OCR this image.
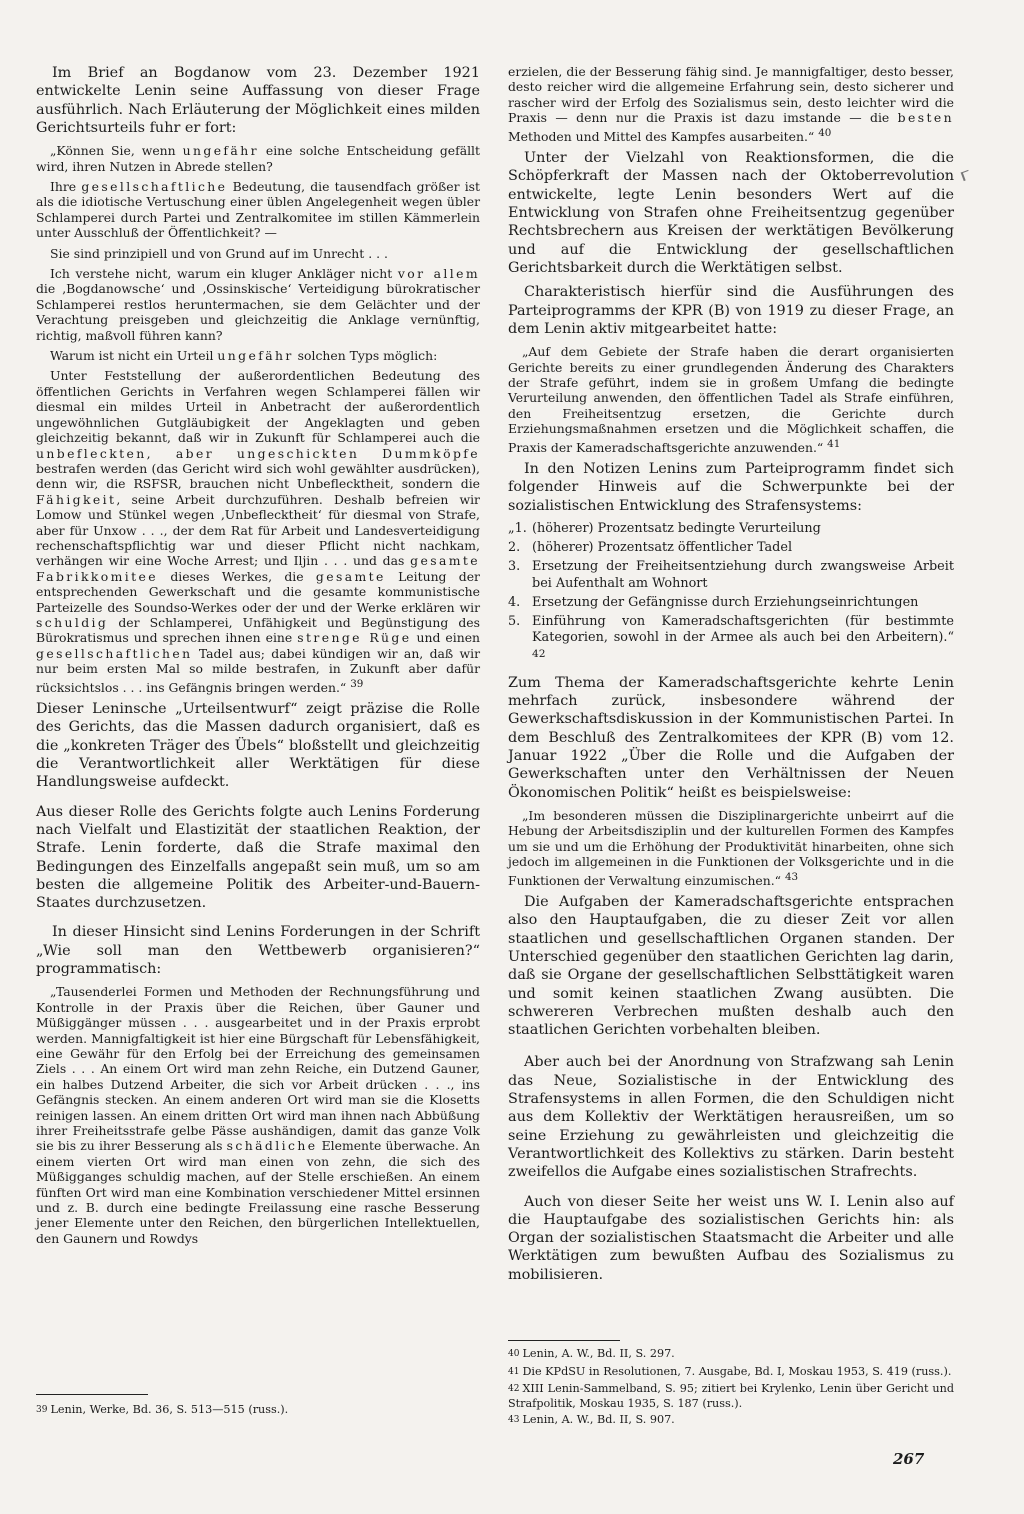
Im Brief an Bogdanow vom 23. Dezember 1921 entwickelte Lenin seine Auffassung von dieser Frage ausführlich. Nach Erläuterung der Möglichkeit eines milden Gerichtsurteils fuhr er fort:

„Können Sie, wenn ungefähr eine solche Entscheidung gefällt wird, ihren Nutzen in Abrede stellen?

Ihre gesellschaftliche Bedeutung, die tausendfach größer ist als die idiotische Vertuschung einer üblen Angelegenheit wegen übler Schlamperei durch Partei und Zentralkomitee im stillen Kämmerlein unter Ausschluß der Öffentlichkeit? —

Sie sind prinzipiell und von Grund auf im Unrecht . . .

Ich verstehe nicht, warum ein kluger Ankläger nicht vor allem die ‚Bogdanowsche‘ und ‚Ossinskische‘ Verteidigung bürokratischer Schlamperei restlos heruntermachen, sie dem Gelächter und der Verachtung preisgeben und gleichzeitig die Anklage vernünftig, richtig, maßvoll führen kann?

Warum ist nicht ein Urteil ungefähr solchen Typs möglich:

Unter Feststellung der außerordentlichen Bedeutung des öffentlichen Gerichts in Verfahren wegen Schlamperei fällen wir diesmal ein mildes Urteil in Anbetracht der außerordentlich ungewöhnlichen Gutgläubigkeit der Angeklagten und geben gleichzeitig bekannt, daß wir in Zukunft für Schlamperei auch die unbefleckten, aber ungeschickten Dummköpfe bestrafen werden (das Gericht wird sich wohl gewählter ausdrücken), denn wir, die RSFSR, brauchen nicht Unbeflecktheit, sondern die Fähigkeit, seine Arbeit durchzuführen. Deshalb befreien wir Lomow und Stünkel wegen ‚Unbeflecktheit‘ für diesmal von Strafe, aber für Unxow . . ., der dem Rat für Arbeit und Landesverteidigung rechenschaftspflichtig war und dieser Pflicht nicht nachkam, verhängen wir eine Woche Arrest; und Iljin . . . und das gesamte Fabrikkomitee dieses Werkes, die gesamte Leitung der entsprechenden Gewerkschaft und die gesamte kommunistische Parteizelle des Soundso-Werkes oder der und der Werke erklären wir schuldig der Schlamperei, Unfähigkeit und Begünstigung des Bürokratismus und sprechen ihnen eine strenge Rüge und einen gesellschaftlichen Tadel aus; dabei kündigen wir an, daß wir nur beim ersten Mal so milde bestrafen, in Zukunft aber dafür rücksichtslos . . . ins Gefängnis bringen werden.“ $^{39}$

Dieser Leninsche „Urteilsentwurf“ zeigt präzise die Rolle des Gerichts, das die Massen dadurch organisiert, daß es die „konkreten Träger des Übels“ bloßstellt und gleichzeitig die Verantwortlichkeit aller Werktätigen für diese Handlungsweise aufdeckt.

Aus dieser Rolle des Gerichts folgte auch Lenins Forderung nach Vielfalt und Elastizität der staatlichen Reaktion, der Strafe. Lenin forderte, daß die Strafe maximal den Bedingungen des Einzelfalls angepaßt sein muß, um so am besten die allgemeine Politik des Arbeiter-und-Bauern-Staates durchzusetzen.

In dieser Hinsicht sind Lenins Forderungen in der Schrift „Wie soll man den Wettbewerb organisieren?“ programmatisch:

„Tausenderlei Formen und Methoden der Rechnungsführung und Kontrolle in der Praxis über die Reichen, über Gauner und Müßiggänger müssen . . . ausgearbeitet und in der Praxis erprobt werden. Mannigfaltigkeit ist hier eine Bürgschaft für Lebensfähigkeit, eine Gewähr für den Erfolg bei der Erreichung des gemeinsamen Ziels . . . An einem Ort wird man zehn Reiche, ein Dutzend Gauner, ein halbes Dutzend Arbeiter, die sich vor Arbeit drücken . . ., ins Gefängnis stecken. An einem anderen Ort wird man sie die Klosetts reinigen lassen. An einem dritten Ort wird man ihnen nach Abbüßung ihrer Freiheitsstrafe gelbe Pässe aushändigen, damit das ganze Volk sie bis zu ihrer Besserung als schädliche Elemente überwache. An einem vierten Ort wird man einen von zehn, die sich des Müßigganges schuldig machen, auf der Stelle erschießen. An einem fünften Ort wird man eine Kombination verschiedener Mittel ersinnen und z. B. durch eine bedingte Freilassung eine rasche Besserung jener Elemente unter den Reichen, den bürgerlichen Intellektuellen, den Gaunern und Rowdys

39 Lenin, Werke, Bd. 36, S. 513—515 (russ.).

erzielen, die der Besserung fähig sind. Je mannigfaltiger, desto besser, desto reicher wird die allgemeine Erfahrung sein, desto sicherer und rascher wird der Erfolg des Sozialismus sein, desto leichter wird die Praxis — denn nur die Praxis ist dazu imstande — die besten Methoden und Mittel des Kampfes ausarbeiten.“ $^{40}$

Unter der Vielzahl von Reaktionsformen, die die Schöpferkraft der Massen nach der Oktoberrevolution entwickelte, legte Lenin besonders Wert auf die Entwicklung von Strafen ohne Freiheitsentzug gegenüber Rechtsbrechern aus Kreisen der werktätigen Bevölkerung und auf die Entwicklung der gesellschaftlichen Gerichtsbarkeit durch die Werktätigen selbst.

Charakteristisch hierfür sind die Ausführungen des Parteiprogramms der KPR (B) von 1919 zu dieser Frage, an dem Lenin aktiv mitgearbeitet hatte:

„Auf dem Gebiete der Strafe haben die derart organisierten Gerichte bereits zu einer grundlegenden Änderung des Charakters der Strafe geführt, indem sie in großem Umfang die bedingte Verurteilung anwenden, den öffentlichen Tadel als Strafe einführen, den Freiheitsentzug ersetzen, die Gerichte durch Erziehungsmaßnahmen ersetzen und die Möglichkeit schaffen, die Praxis der Kameradschaftsgerichte anzuwenden.“ $^{41}$

In den Notizen Lenins zum Parteiprogramm findet sich folgender Hinweis auf die Schwerpunkte bei der sozialistischen Entwicklung des Strafensystems:

„1. (höherer) Prozentsatz bedingte Verurteilung
2. (höherer) Prozentsatz öffentlicher Tadel
3. Ersetzung der Freiheitsentziehung durch zwangsweise Arbeit bei Aufenthalt am Wohnort
4. Ersetzung der Gefängnisse durch Erziehungseinrichtungen
5. Einführung von Kameradschaftsgerichten (für bestimmte Kategorien, sowohl in der Armee als auch bei den Arbeitern).“ $^{42}$

Zum Thema der Kameradschaftsgerichte kehrte Lenin mehrfach zurück, insbesondere während der Gewerkschaftsdiskussion in der Kommunistischen Partei. In dem Beschluß des Zentralkomitees der KPR (B) vom 12. Januar 1922 „Über die Rolle und die Aufgaben der Gewerkschaften unter den Verhältnissen der Neuen Ökonomischen Politik“ heißt es beispielsweise:

„Im besonderen müssen die Disziplinargerichte unbeirrt auf die Hebung der Arbeitsdisziplin und der kulturellen Formen des Kampfes um sie und um die Erhöhung der Produktivität hinarbeiten, ohne sich jedoch im allgemeinen in die Funktionen der Volksgerichte und in die Funktionen der Verwaltung einzumischen.“ $^{43}$

Die Aufgaben der Kameradschaftsgerichte entsprachen also den Hauptaufgaben, die zu dieser Zeit vor allen staatlichen und gesellschaftlichen Organen standen. Der Unterschied gegenüber den staatlichen Gerichten lag darin, daß sie Organe der gesellschaftlichen Selbsttätigkeit waren und somit keinen staatlichen Zwang ausübten. Die schwereren Verbrechen mußten deshalb auch den staatlichen Gerichten vorbehalten bleiben.

Aber auch bei der Anordnung von Strafzwang sah Lenin das Neue, Sozialistische in der Entwicklung des Strafensystems in allen Formen, die den Schuldigen nicht aus dem Kollektiv der Werktätigen herausreißen, um so seine Erziehung zu gewährleisten und gleichzeitig die Verantwortlichkeit des Kollektivs zu stärken. Darin besteht zweifellos die Aufgabe eines sozialistischen Strafrechts.

Auch von dieser Seite her weist uns W. I. Lenin also auf die Hauptaufgabe des sozialistischen Gerichts hin: als Organ der sozialistischen Staatsmacht die Arbeiter und alle Werktätigen zum bewußten Aufbau des Sozialismus zu mobilisieren.

40 Lenin, A. W., Bd. II, S. 297.

41 Die KPdSU in Resolutionen, 7. Ausgabe, Bd. I, Moskau 1953, S. 419 (russ.).

42 XIII Lenin-Sammelband, S. 95; zitiert bei Krylenko, Lenin über Gericht und Strafpolitik, Moskau 1935, S. 187 (russ.).

43 Lenin, A. W., Bd. II, S. 907.

267
